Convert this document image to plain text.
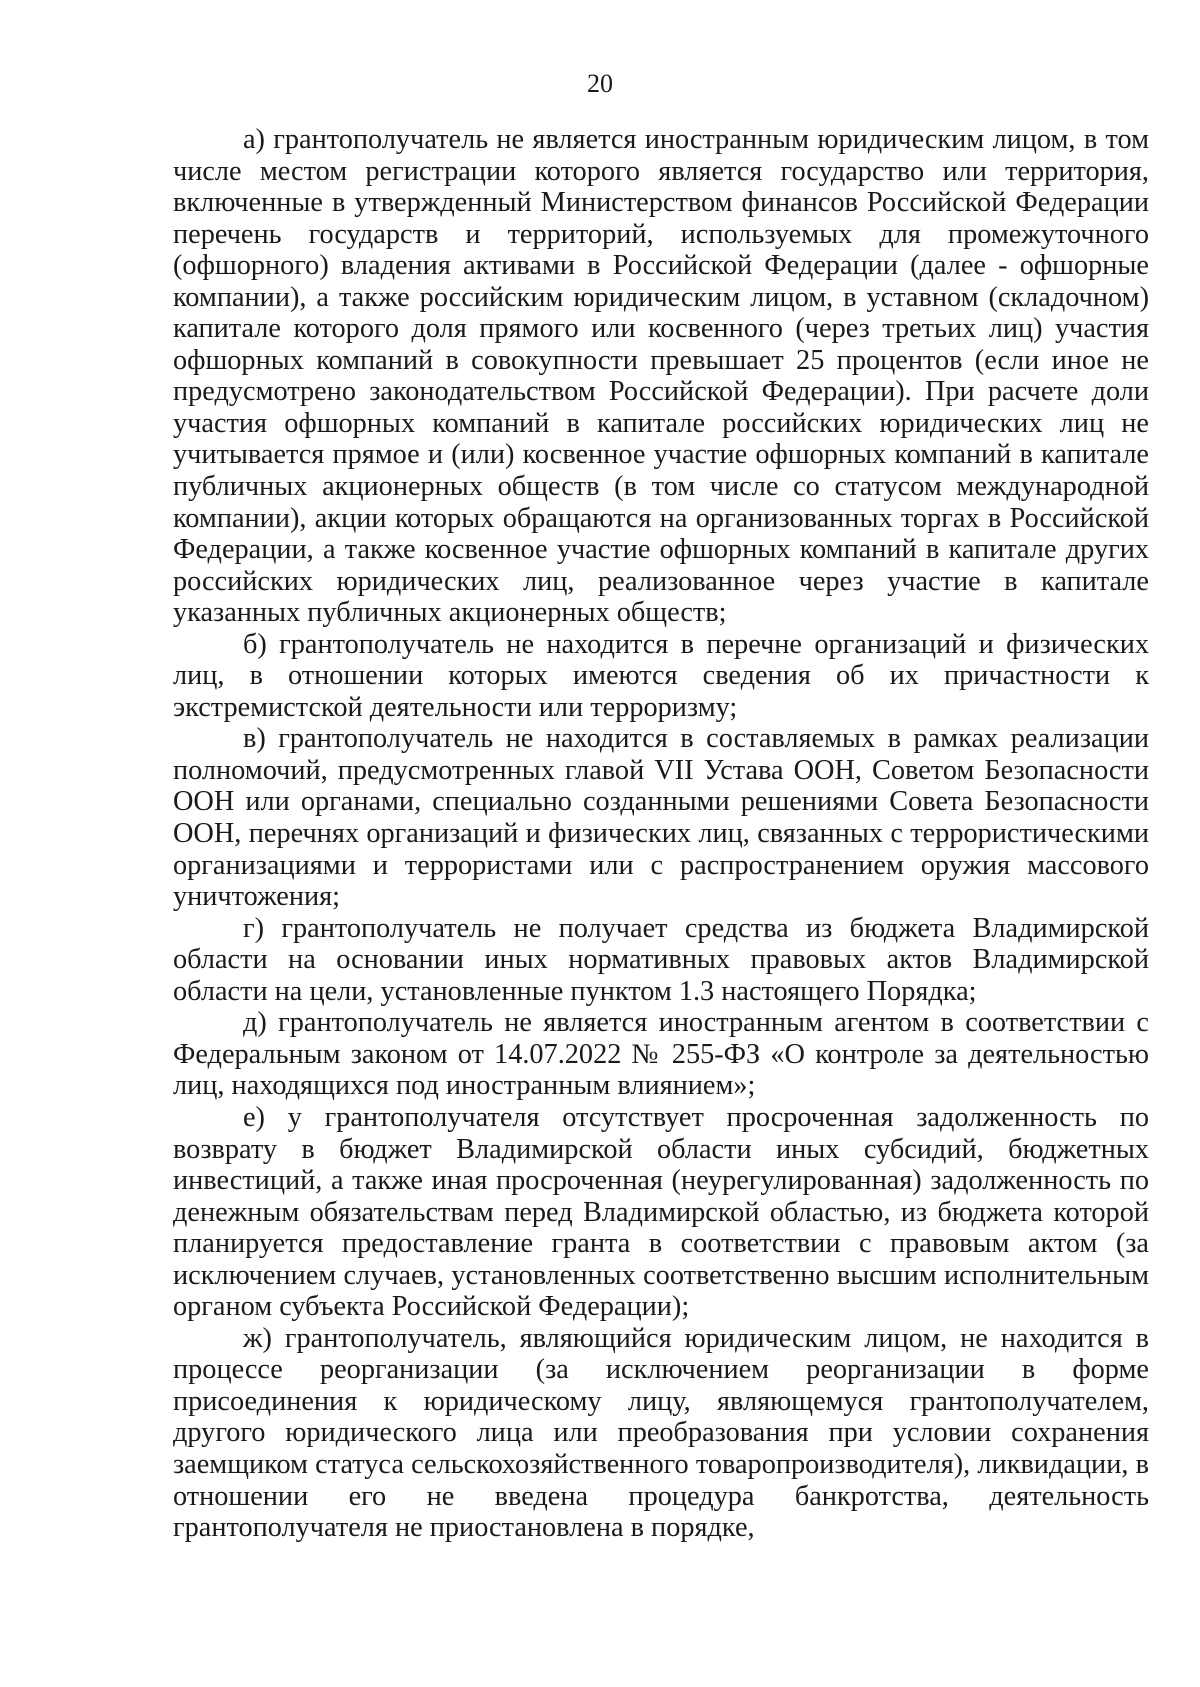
20

а) грантополучатель не является иностранным юридическим лицом, в том числе местом регистрации которого является государство или территория, включенные в утвержденный Министерством финансов Российской Федерации перечень государств и территорий, используемых для промежуточного (офшорного) владения активами в Российской Федерации (далее - офшорные компании), а также российским юридическим лицом, в уставном (складочном) капитале которого доля прямого или косвенного (через третьих лиц) участия офшорных компаний в совокупности превышает 25 процентов (если иное не предусмотрено законодательством Российской Федерации). При расчете доли участия офшорных компаний в капитале российских юридических лиц не учитывается прямое и (или) косвенное участие офшорных компаний в капитале публичных акционерных обществ (в том числе со статусом международной компании), акции которых обращаются на организованных торгах в Российской Федерации, а также косвенное участие офшорных компаний в капитале других российских юридических лиц, реализованное через участие в капитале указанных публичных акционерных обществ;

б) грантополучатель не находится в перечне организаций и физических лиц, в отношении которых имеются сведения об их причастности к экстремистской деятельности или терроризму;

в) грантополучатель не находится в составляемых в рамках реализации полномочий, предусмотренных главой VII Устава ООН, Советом Безопасности ООН или органами, специально созданными решениями Совета Безопасности ООН, перечнях организаций и физических лиц, связанных с террористическими организациями и террористами или с распространением оружия массового уничтожения;

г) грантополучатель не получает средства из бюджета Владимирской области на основании иных нормативных правовых актов Владимирской области на цели, установленные пунктом 1.3 настоящего Порядка;

д) грантополучатель не является иностранным агентом в соответствии с Федеральным законом от 14.07.2022 № 255-ФЗ «О контроле за деятельностью лиц, находящихся под иностранным влиянием»;

е) у грантополучателя отсутствует просроченная задолженность по возврату в бюджет Владимирской области иных субсидий, бюджетных инвестиций, а также иная просроченная (неурегулированная) задолженность по денежным обязательствам перед Владимирской областью, из бюджета которой планируется предоставление гранта в соответствии с правовым актом (за исключением случаев, установленных соответственно высшим исполнительным органом субъекта Российской Федерации);

ж) грантополучатель, являющийся юридическим лицом, не находится в процессе реорганизации (за исключением реорганизации в форме присоединения к юридическому лицу, являющемуся грантополучателем, другого юридического лица или преобразования при условии сохранения заемщиком статуса сельскохозяйственного товаропроизводителя), ликвидации, в отношении его не введена процедура банкротства, деятельность грантополучателя не приостановлена в порядке,
